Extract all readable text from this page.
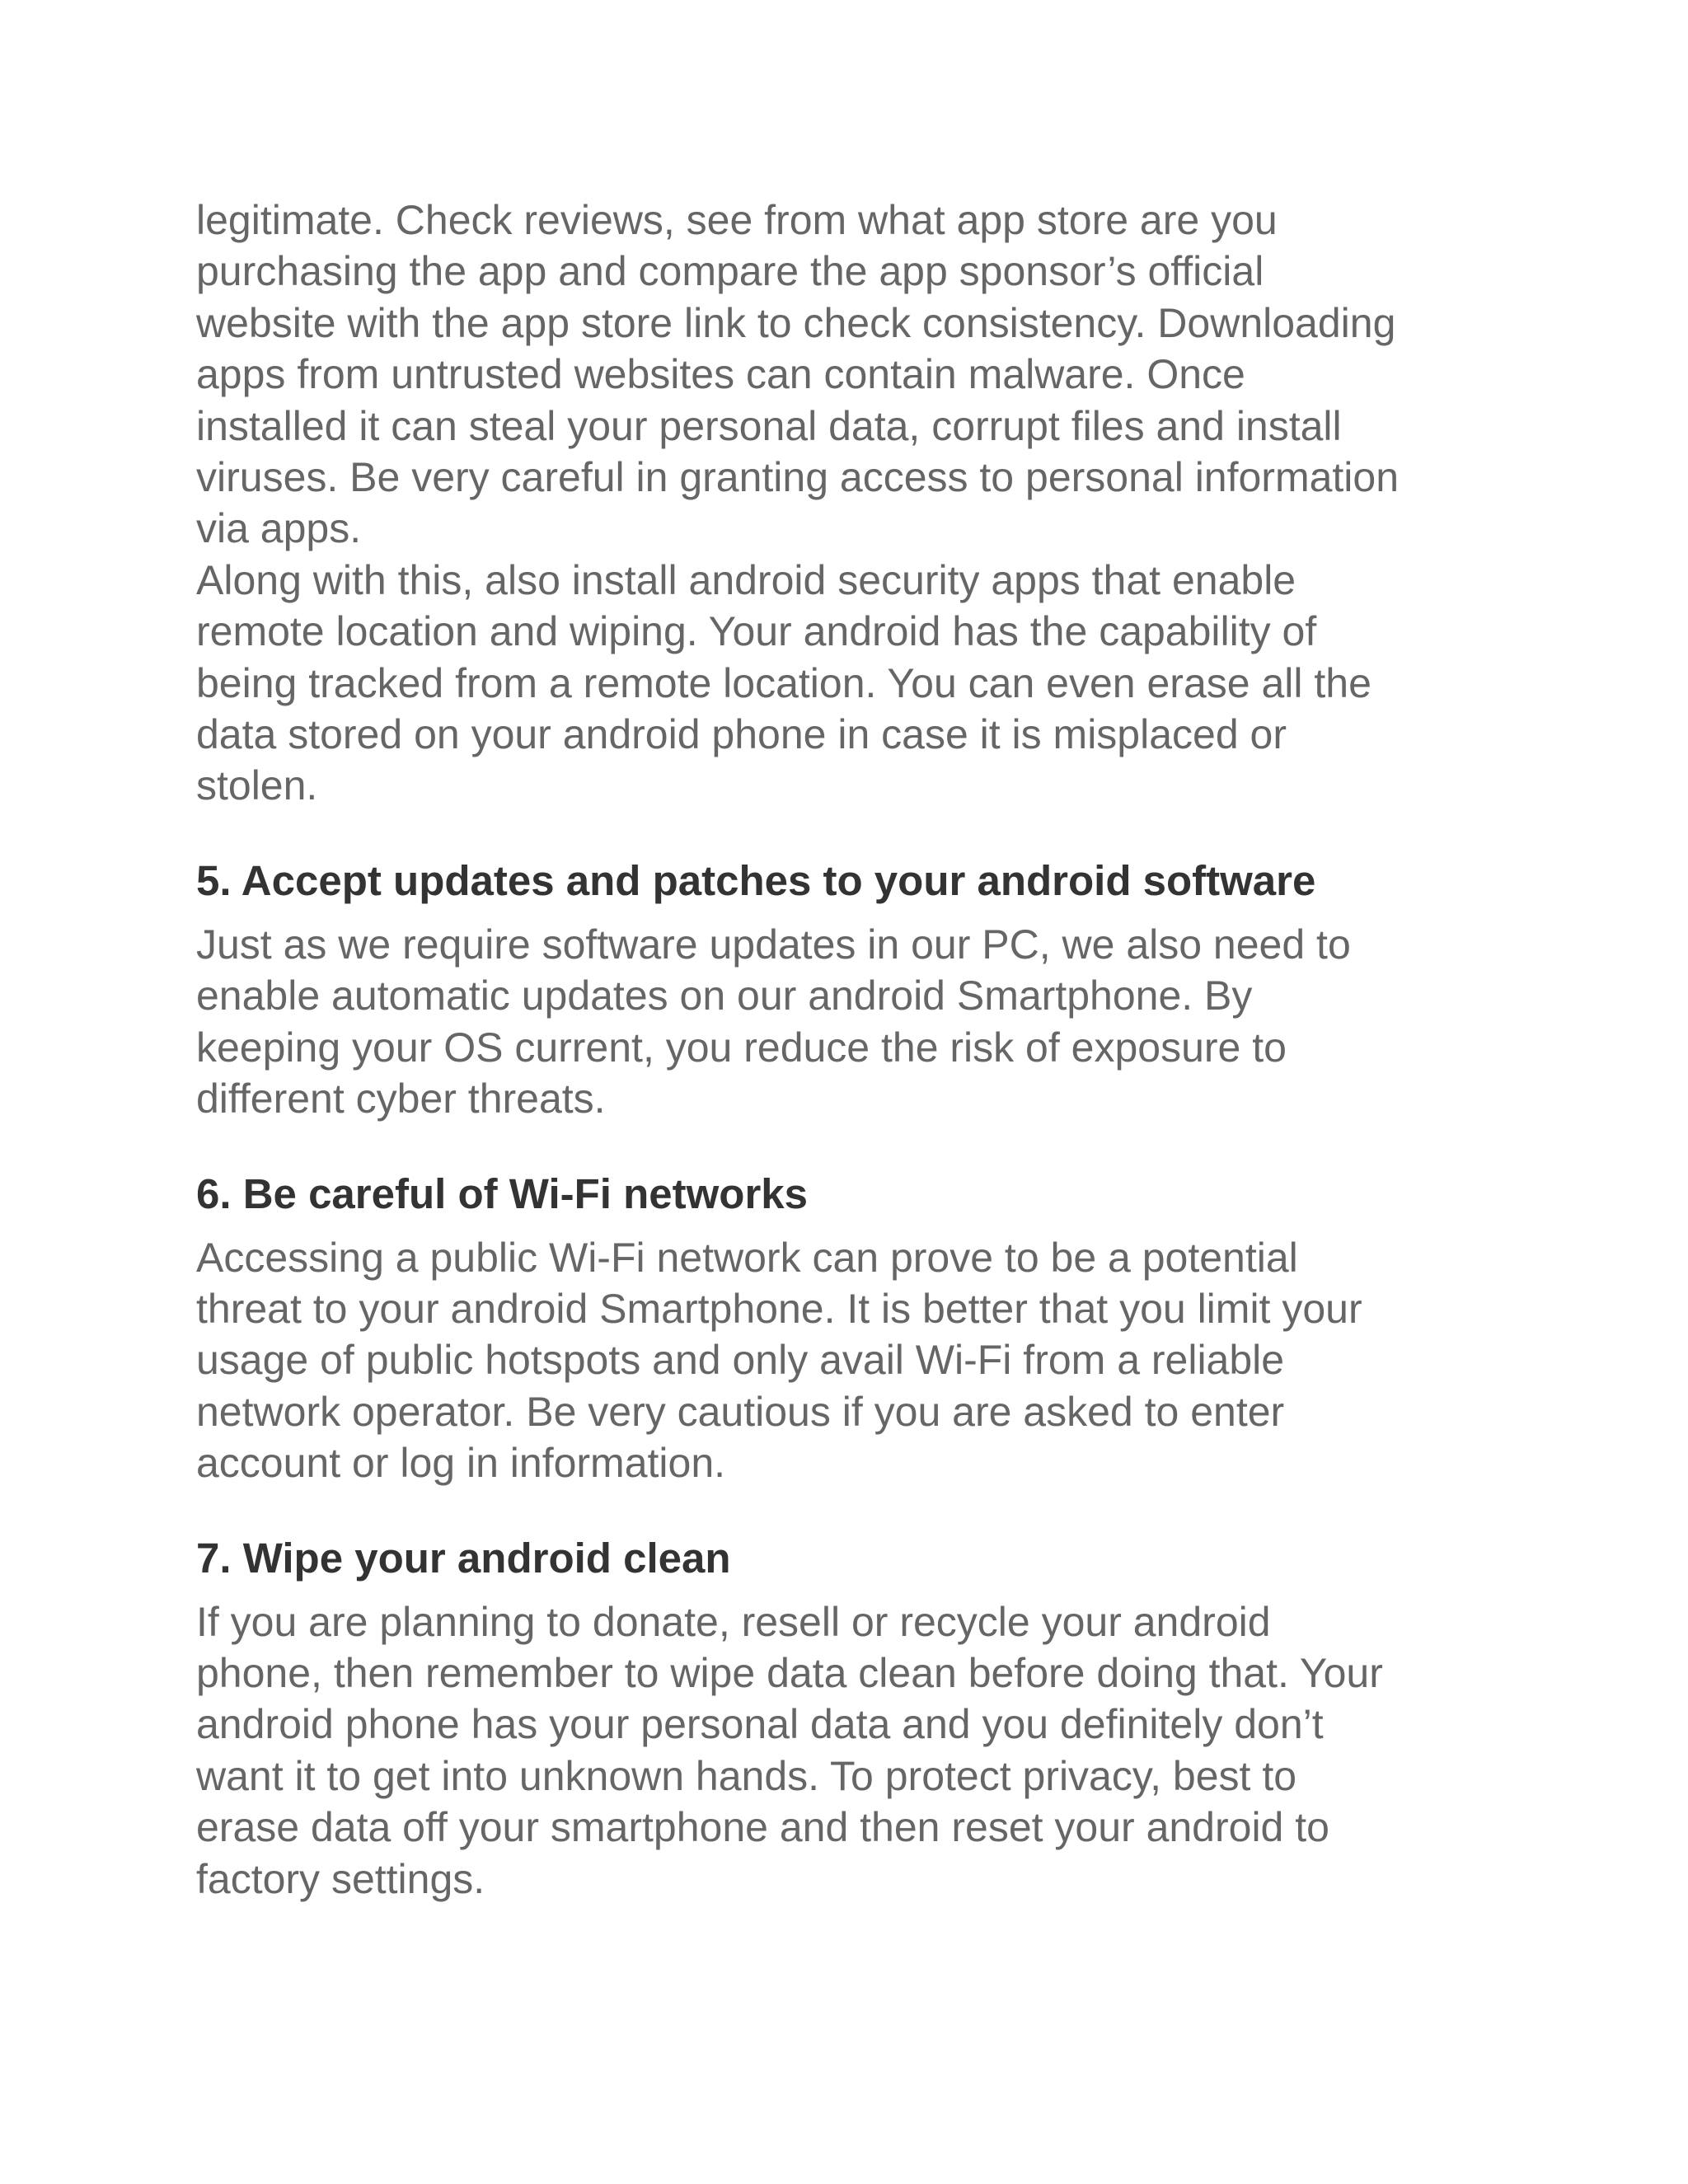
legitimate. Check reviews, see from what app store are you
purchasing the app and compare the app sponsor’s official
website with the app store link to check consistency. Downloading
apps from untrusted websites can contain malware. Once
installed it can steal your personal data, corrupt files and install
viruses. Be very careful in granting access to personal information
via apps.

Along with this, also install android security apps that enable
remote location and wiping. Your android has the capability of
being tracked from a remote location. You can even erase all the
data stored on your android phone in case it is misplaced or
stolen.

5. Accept updates and patches to your android software

Just as we require software updates in our PC, we also need to
enable automatic updates on our android Smartphone. By
keeping your OS current, you reduce the risk of exposure to
different cyber threats.

6. Be careful of Wi-Fi networks

Accessing a public Wi-Fi network can prove to be a potential
threat to your android Smartphone. It is better that you limit your
usage of public hotspots and only avail Wi-Fi from a reliable
network operator. Be very cautious if you are asked to enter
account or log in information.

7. Wipe your android clean

If you are planning to donate, resell or recycle your android
phone, then remember to wipe data clean before doing that. Your
android phone has your personal data and you definitely don’t
want it to get into unknown hands. To protect privacy, best to
erase data off your smartphone and then reset your android to
factory settings.
